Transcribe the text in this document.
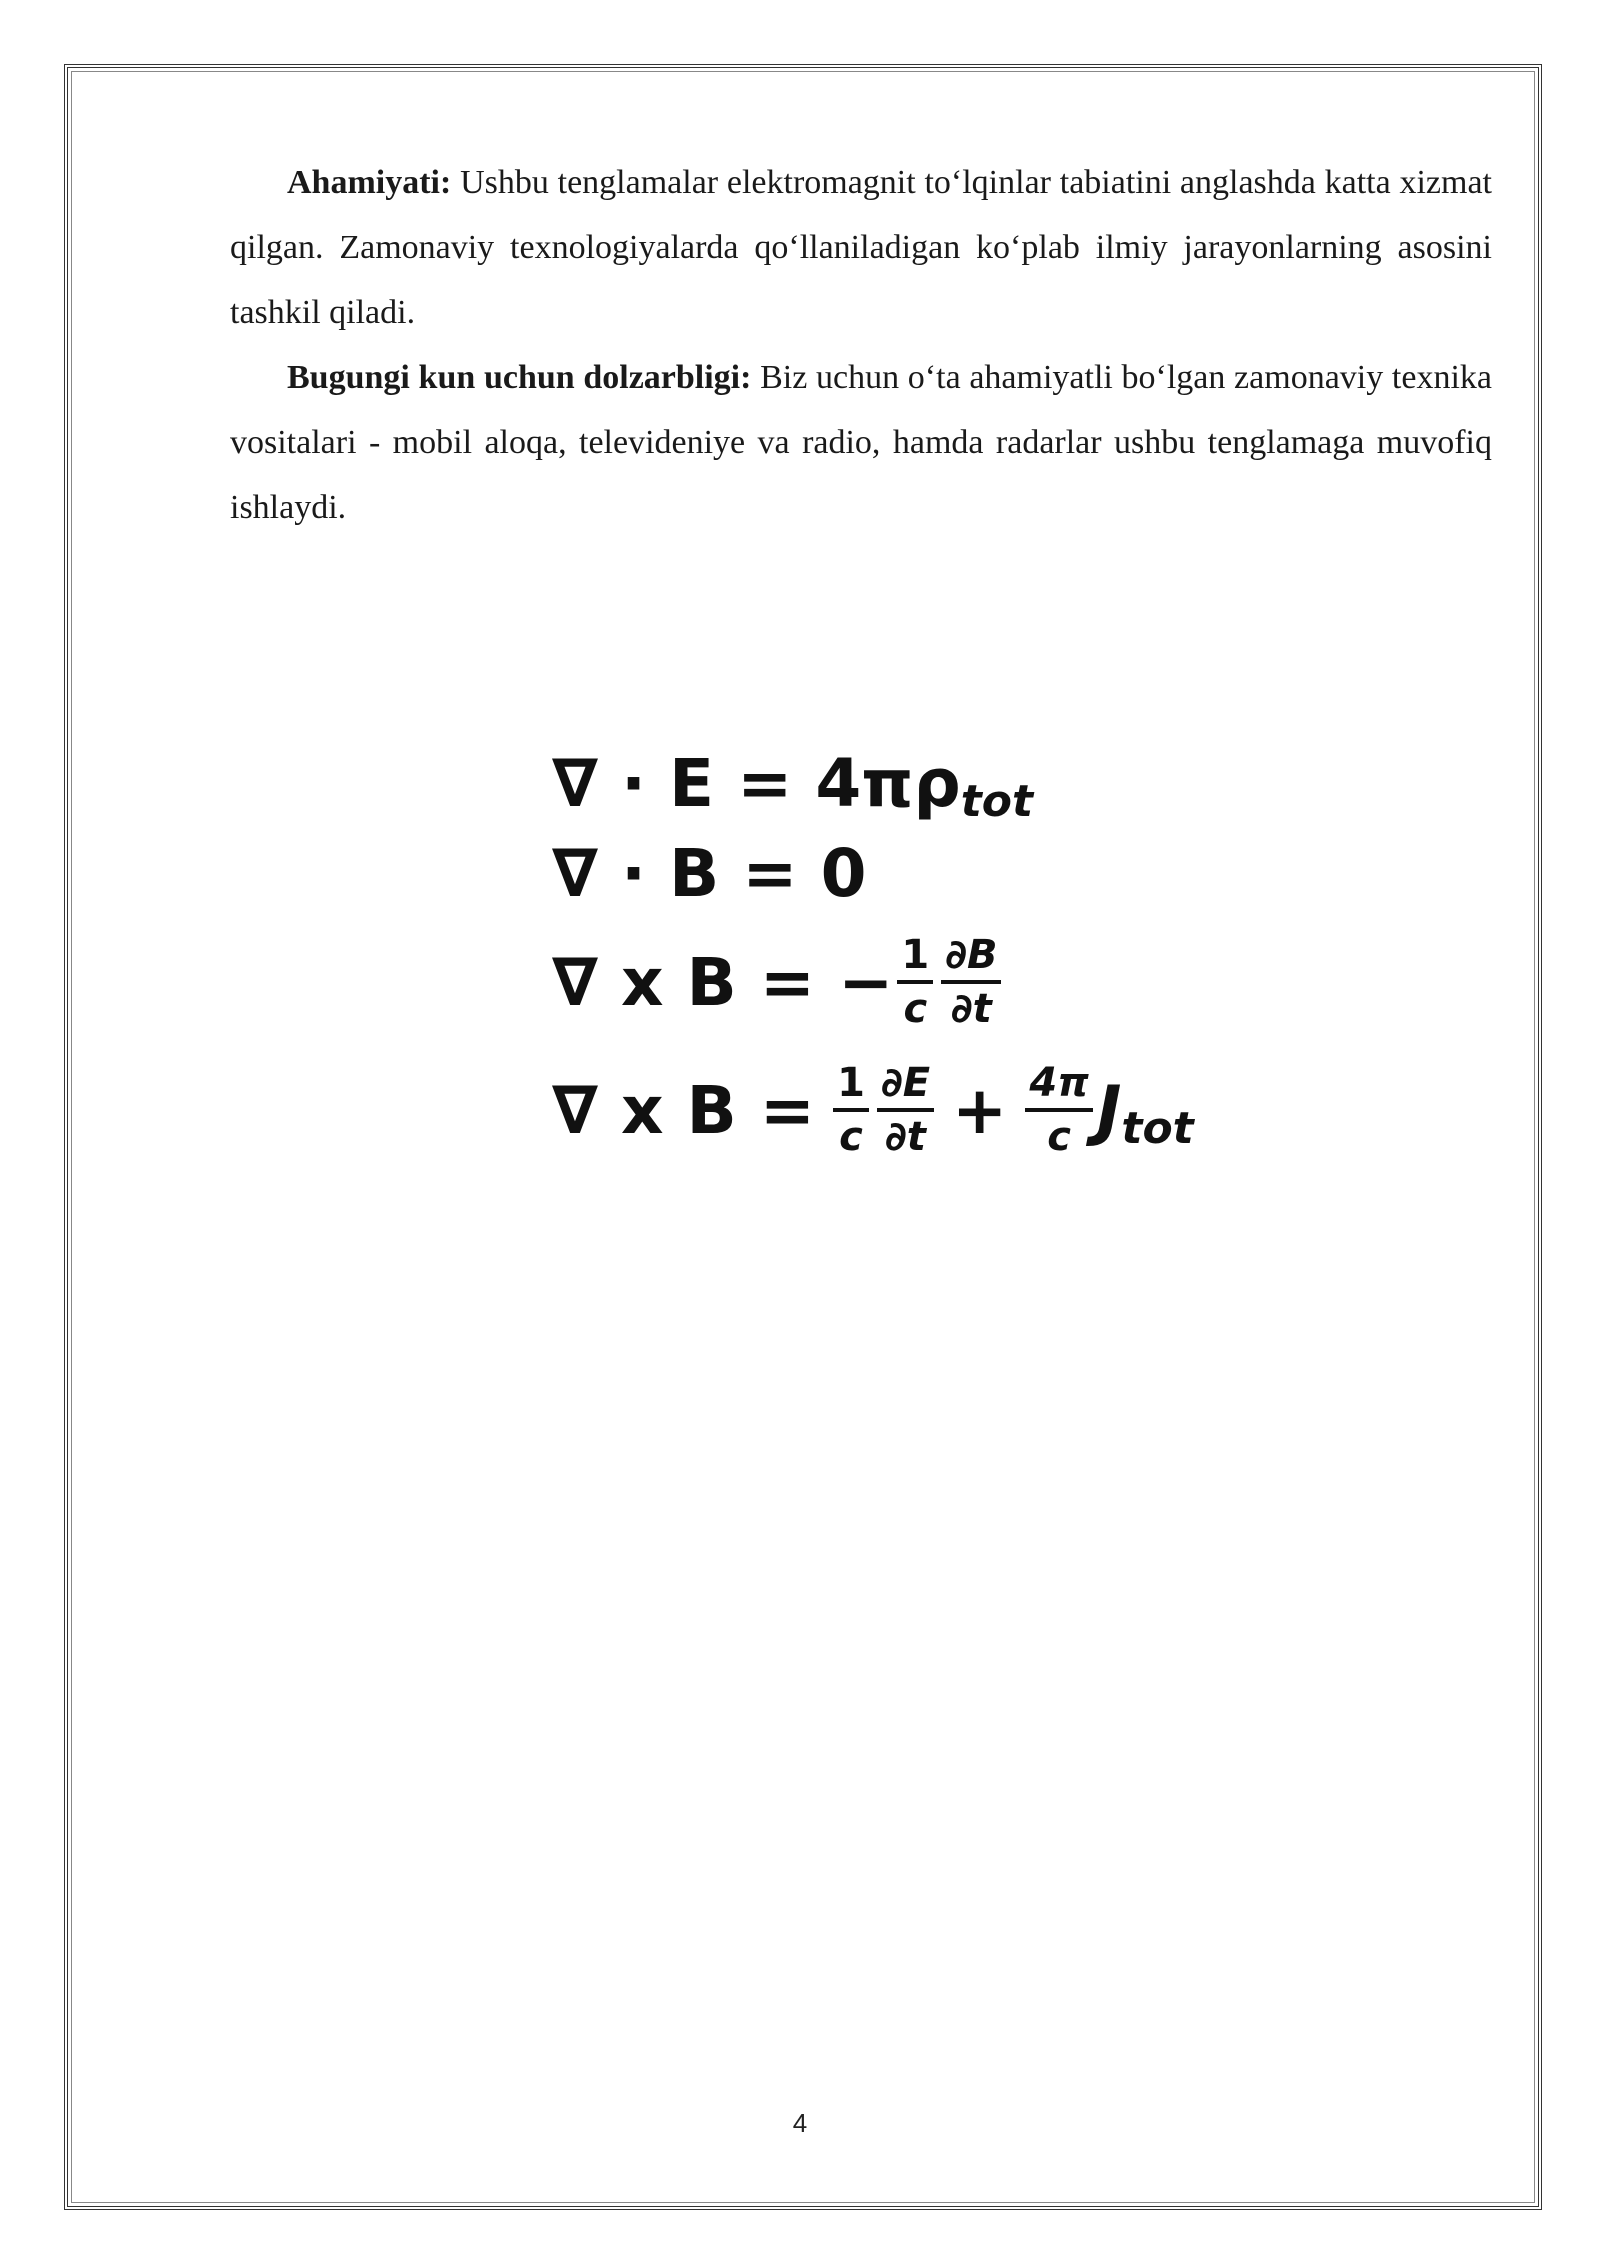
Ahamiyati: Ushbu tenglamalar elektromagnit to‘lqinlar tabiatini anglashda katta xizmat qilgan. Zamonaviy texnologiyalarda qo‘llaniladigan ko‘plab ilmiy jarayonlarning asosini tashkil qiladi.

Bugungi kun uchun dolzarbligi: Biz uchun o‘ta ahamiyatli bo‘lgan zamonaviy texnika vositalari - mobil aloqa, televideniye va radio, hamda radarlar ushbu tenglamaga muvofiq ishlaydi.

∇ · E = 4πρ tot
∇ · B = 0
∇ x B = − $\frac{1}{c} \frac{\partial B}{\partial t}$
∇ x $B = \frac{1}{c} \frac{\partial E}{\partial t} + \frac{4\pi}{c}$ J tot
4
